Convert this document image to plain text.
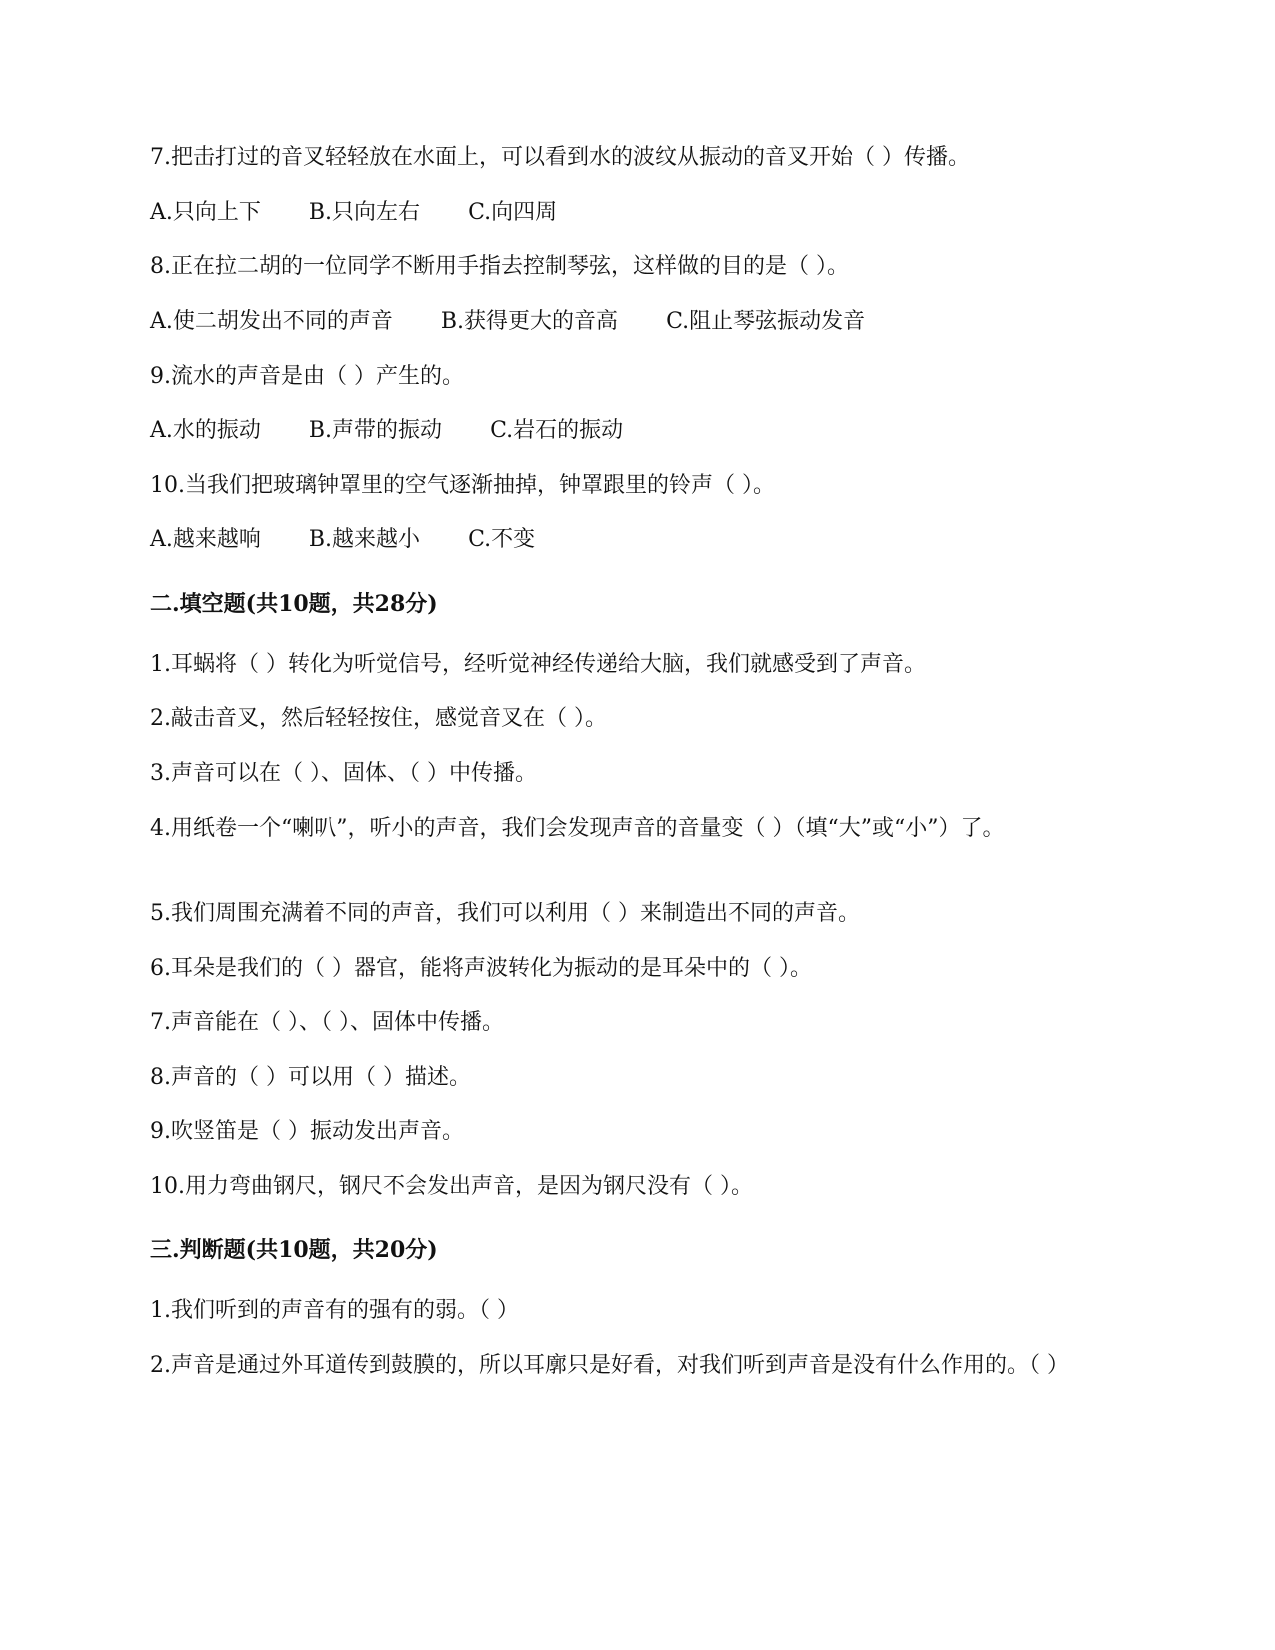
7.把击打过的音叉轻轻放在水面上，可以看到水的波纹从振动的音叉开始（ ）传播。
A.只向上下 B.只向左右 C.向四周
8.正在拉二胡的一位同学不断用手指去控制琴弦，这样做的目的是（ ）。
A.使二胡发出不同的声音 B.获得更大的音高 C.阻止琴弦振动发音
9.流水的声音是由（ ）产生的。
A.水的振动 B.声带的振动 C.岩石的振动
10.当我们把玻璃钟罩里的空气逐渐抽掉，钟罩跟里的铃声（ ）。
A.越来越响 B.越来越小 C.不变
二.填空题(共10题，共28分)
1.耳蜗将（ ）转化为听觉信号，经听觉神经传递给大脑，我们就感受到了声音。
2.敲击音叉，然后轻轻按住，感觉音叉在（ ）。
3.声音可以在（ ）、固体、（ ）中传播。
4.用纸卷一个“喇叭”，听小的声音，我们会发现声音的音量变（ ）（填“大”或“小”）了。
5.我们周围充满着不同的声音，我们可以利用（ ）来制造出不同的声音。
6.耳朵是我们的（ ）器官，能将声波转化为振动的是耳朵中的（ ）。
7.声音能在（ ）、（ ）、固体中传播。
8.声音的（ ）可以用（ ）描述。
9.吹竖笛是（ ）振动发出声音。
10.用力弯曲钢尺，钢尺不会发出声音，是因为钢尺没有（ ）。
三.判断题(共10题，共20分)
1.我们听到的声音有的强有的弱。（ ）
2.声音是通过外耳道传到鼓膜的，所以耳廓只是好看，对我们听到声音是没有什么作用的。（ ）
